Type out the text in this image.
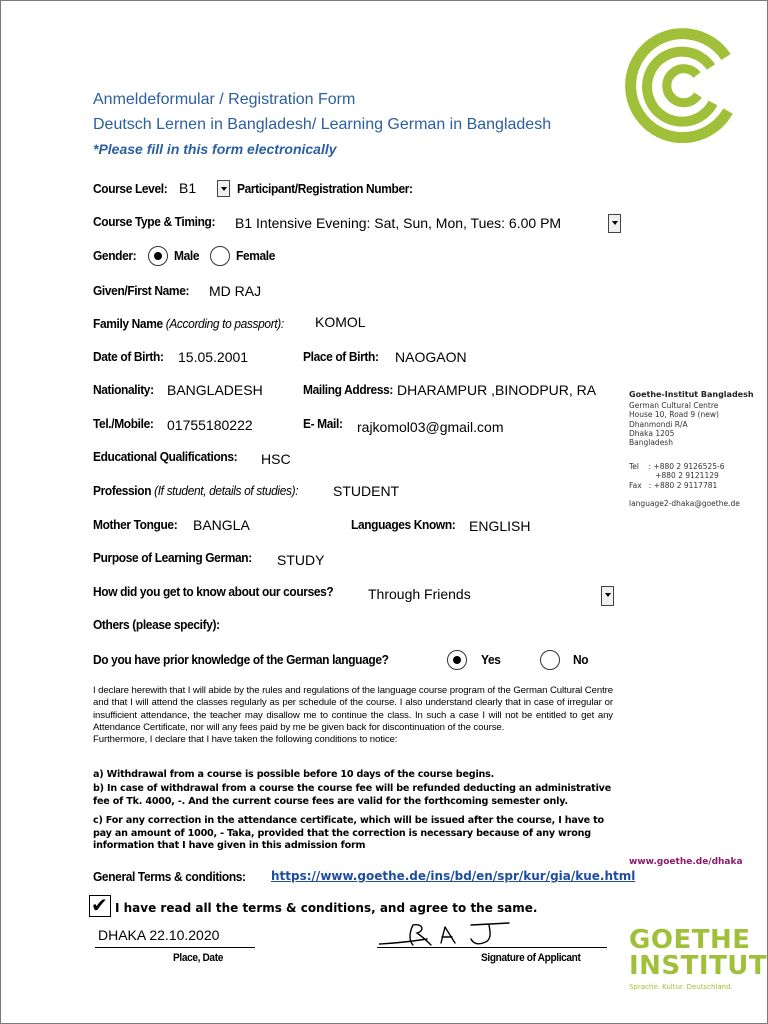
Anmeldeformular / Registration Form
Deutsch Lernen in Bangladesh/ Learning German in Bangladesh
*Please fill in this form electronically
Course Level: B1	Participant/Registration Number:
Course Type & Timing: B1 Intensive Evening: Sat, Sun, Mon, Tues: 6.00 PM
Gender:	Male	Female
Given/First Name: MD RAJ
Family Name (According to passport): KOMOL
Date of Birth: 15.05.2001	Place of Birth: NAOGAON
Nationality: BANGLADESH	Mailing Address: DHARAMPUR ,BINODPUR, RA
Tel./Mobile: 01755180222	E- Mail: rajkomol03@gmail.com
Educational Qualifications: HSC
Profession (If student, details of studies): STUDENT
Mother Tongue: BANGLA	Languages Known: ENGLISH
Purpose of Learning German: STUDY
How did you get to know about our courses? Through Friends
Others (please specify):
Do you have prior knowledge of the German language?	Yes	No

I declare herewith that I will abide by the rules and regulations of the language course program of the German Cultural Centre and that I will attend the classes regularly as per schedule of the course. I also understand clearly that in case of irregular or insufficient attendance, the teacher may disallow me to continue the class. In such a case I will not be entitled to get any Attendance Certificate, nor will any fees paid by me be given back for discontinuation of the course.

Furthermore, I declare that I have taken the following conditions to notice:

a) Withdrawal from a course is possible before 10 days of the course begins.
b) In case of withdrawal from a course the course fee will be refunded deducting an administrative fee of Tk. 4000, -. And the current course fees are valid for the forthcoming semester only.
c) For any correction in the attendance certificate, which will be issued after the course, I have to pay an amount of 1000, - Taka, provided that the correction is necessary because of any wrong information that I have given in this admission form
General Terms & conditions: https://www.goethe.de/ins/bd/en/spr/kur/gia/kue.html
✔ I have read all the terms & conditions, and agree to the same.
DHAKA 22.10.2020
Place, Date	Signature of Applicant
Goethe-Institut Bangladesh
German Cultural Centre
House 10, Road 9 (new)
Dhanmondi R/A
Dhaka 1205
Bangladesh
Tel    : +880 2 9126525-6
+880 2 9121129
Fax   : +880 2 9117781
language2-dhaka@goethe.de
www.goethe.de/dhaka
GOETHE
INSTITUT
Sprache. Kultur. Deutschland.
